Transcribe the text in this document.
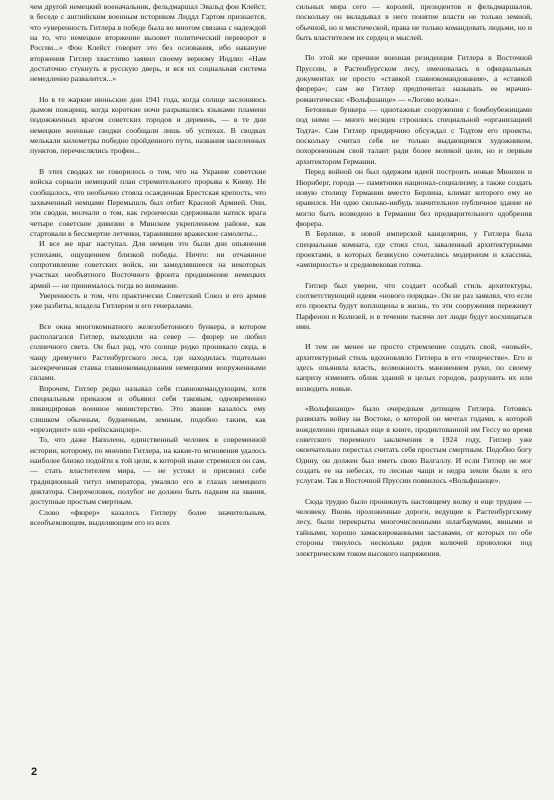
чем другой немецкий военачальник, фельдмаршал Эвальд фон Клейст, в беседе с английским военным историком Лиддл Гартом признается, что «уверенность Гитлера в победе была во многом связана с надеждой на то, что немецкое вторжение вызовет политический переворот в России...» Фон Клейст говорит это без основания, ибо накануне вторжения Гитлер хвастливо заявил своему верному Иодлю: «Нам достаточно стукнуть в русскую дверь, и вся их социальная система немедленно развалится...»

Но в те жаркие июньские дни 1941 года, когда солнце заслоняюсь дымом пожарищ, когда короткие ночи разрывались языками пламени подожженных врагом советских городов и деревень, — в те дни немецкие военные сводки сообщали лишь об успехах. В сводках мелькали километры победно пройденного пути, названия населенных пунктов, перечислялись трофеи...

В этих сводках не говорилось о том, что на Украине советские войска сорвали немецкий план стремительного прорыва к Киеву. Не сообщалось, что необычно стояла осажденная Брестская крепость, что захваченный немцами Перемышль был отбит Красной Армией. Они, эти сводки, молчали о том, как героически сдерживали натиск врага четыре советские дивизии в Минском укрепленном районе, как стартовали в бессмертие летчики, таранившие вражеские самолеты...

И все же враг наступал. Для немцев это были дни опьянения успехами, ощущением близкой победы. Ничто: ни отчаянное сопротивление советских войск, ни замедлявшееся на некоторых участках необъятного Восточного фронта продвижение немецких армий — не принималось тогда во внимание.

Уверенность в том, что практически Советский Союз и его армия уже разбиты, владела Гитлером и его генералами.

Все окна многокомнатного железобетонного бункера, в котором располагался Гитлер, выходили на север — фюрер не любил солнечного света. Он был рад, что солнце редко проникало сюда, в чащу дремучего Растенбургского леса, где находилась тщательно засекреченная ставка главнокомандования немецкими вооруженными силами.

Впрочем, Гитлер редко называл себя главнокомандующим, хотя специальным приказом и объявил себя таковым, одновременно ликвидировав военное министерство. Это звание казалось ему слишком обычным, будничным, земным, подобно таким, как «президент» или «рейхсканцлер».

То, что даже Наполеон, единственный человек в современной истории, которому, по мнению Гитлера, на какие-то мгновения удалось наиболее близко подойти к той цели, к которой ныне стремился он сам, — стать властителем мира, — не устоял и присвоил себе традиционный титул императора, умаляло его в глазах немецкого диктатора. Сверхчеловек, полубог не должен быть падким на звания, доступные простым смертным.

Слово «фюрер» казалось Гитлеру более значительным, всеобъемлющим, выделяющим его из всех

сильных мира сего — королей, президентов и фельдмаршалов, поскольку он вкладывал в него понятие власти не только земной, обычной, но и мистической, права не только командовать людьми, но и быть властителем их сердец и мыслей.

По этой же причине военная резиденция Гитлера в Восточной Пруссии, в Растенбургском лесу, именовалась в официальных документах не просто «ставкой главнокомандования», а «ставкой фюрера»; сам же Гитлер предпочитал называть ее мрачно-романтически: «Вольфшанце» — «Логово волка».

Бетонные бункера — однотажные сооружения с бомбоубежищами под ними — много месяцев строились специальной «организацией Тодта». Сам Гитлер придирчиво обсуждал с Тодтом его проекты, поскольку считал себя не только выдающимся художником, похороненным свой талант ради более великой цели, но и первым архитектором Германии.

Перед войной он был одержим идеей построить новые Мюнхен и Нюрнберг, города — памятники национал-социализму, а также создать новую столицу Германии вместо Берлина, климат которого ему не нравился. Ни одно сколько-нибудь значительное публичное здание не могло быть возведено в Германии без предварительного одобрения фюрера.

В Берлине, в новой имперской канцелярии, у Гитлера была специальная комната, где стоял стол, заваленный архитектурными проектами, в которых безвкусно сочетались модернизм и классика, «ампирность» и средневековая готика.

Гитлер был уверен, что создает особый стиль архитектуры, соответствующий идеям «нового порядка». Он не раз заявлял, что если его проекты будут воплощены в жизнь, то эти сооружения переживут Парфенон и Колизей, и в течение тысячи лет люди будут восхищаться ими.

И тем не менее не просто стремление создать свой, «новый», архитектурный стиль вдохновляло Гитлера в его «творчестве». Его и здесь опьяняла власть, возможность мановением руки, по своему капризу изменять облик зданий и целых городов, разрушить их или возводить новые.

«Вольфшанце» было очередным детищем Гитлера. Готовясь развязать войну на Востоке, о которой он мечтал годами, к которой вожделенно призывал еще в книге, продиктованной им Гессу во время советского тюремного заключения в 1924 году, Гитлер уже окончательно перестал считать себя простым смертным. Подобно богу Одину, он должен был иметь свою Валгаллу. И если Гитлер не мог создать ее на небесах, то лесные чащи и недра земли были к его услугам. Так в Восточной Пруссии появилось «Вольфшанце».

Сюда трудно было проникнуть настоящему волку и еще труднее — человеку. Вновь проложенные дороги, ведущие к Растенбургскому лесу, были перекрыты многочисленными шлагбаумами, явными и тайными, хорошо замаскированными заставами, от которых по обе стороны тянулось несколько рядов колючей проволоки под электрическим током высокого напряжения.

2
